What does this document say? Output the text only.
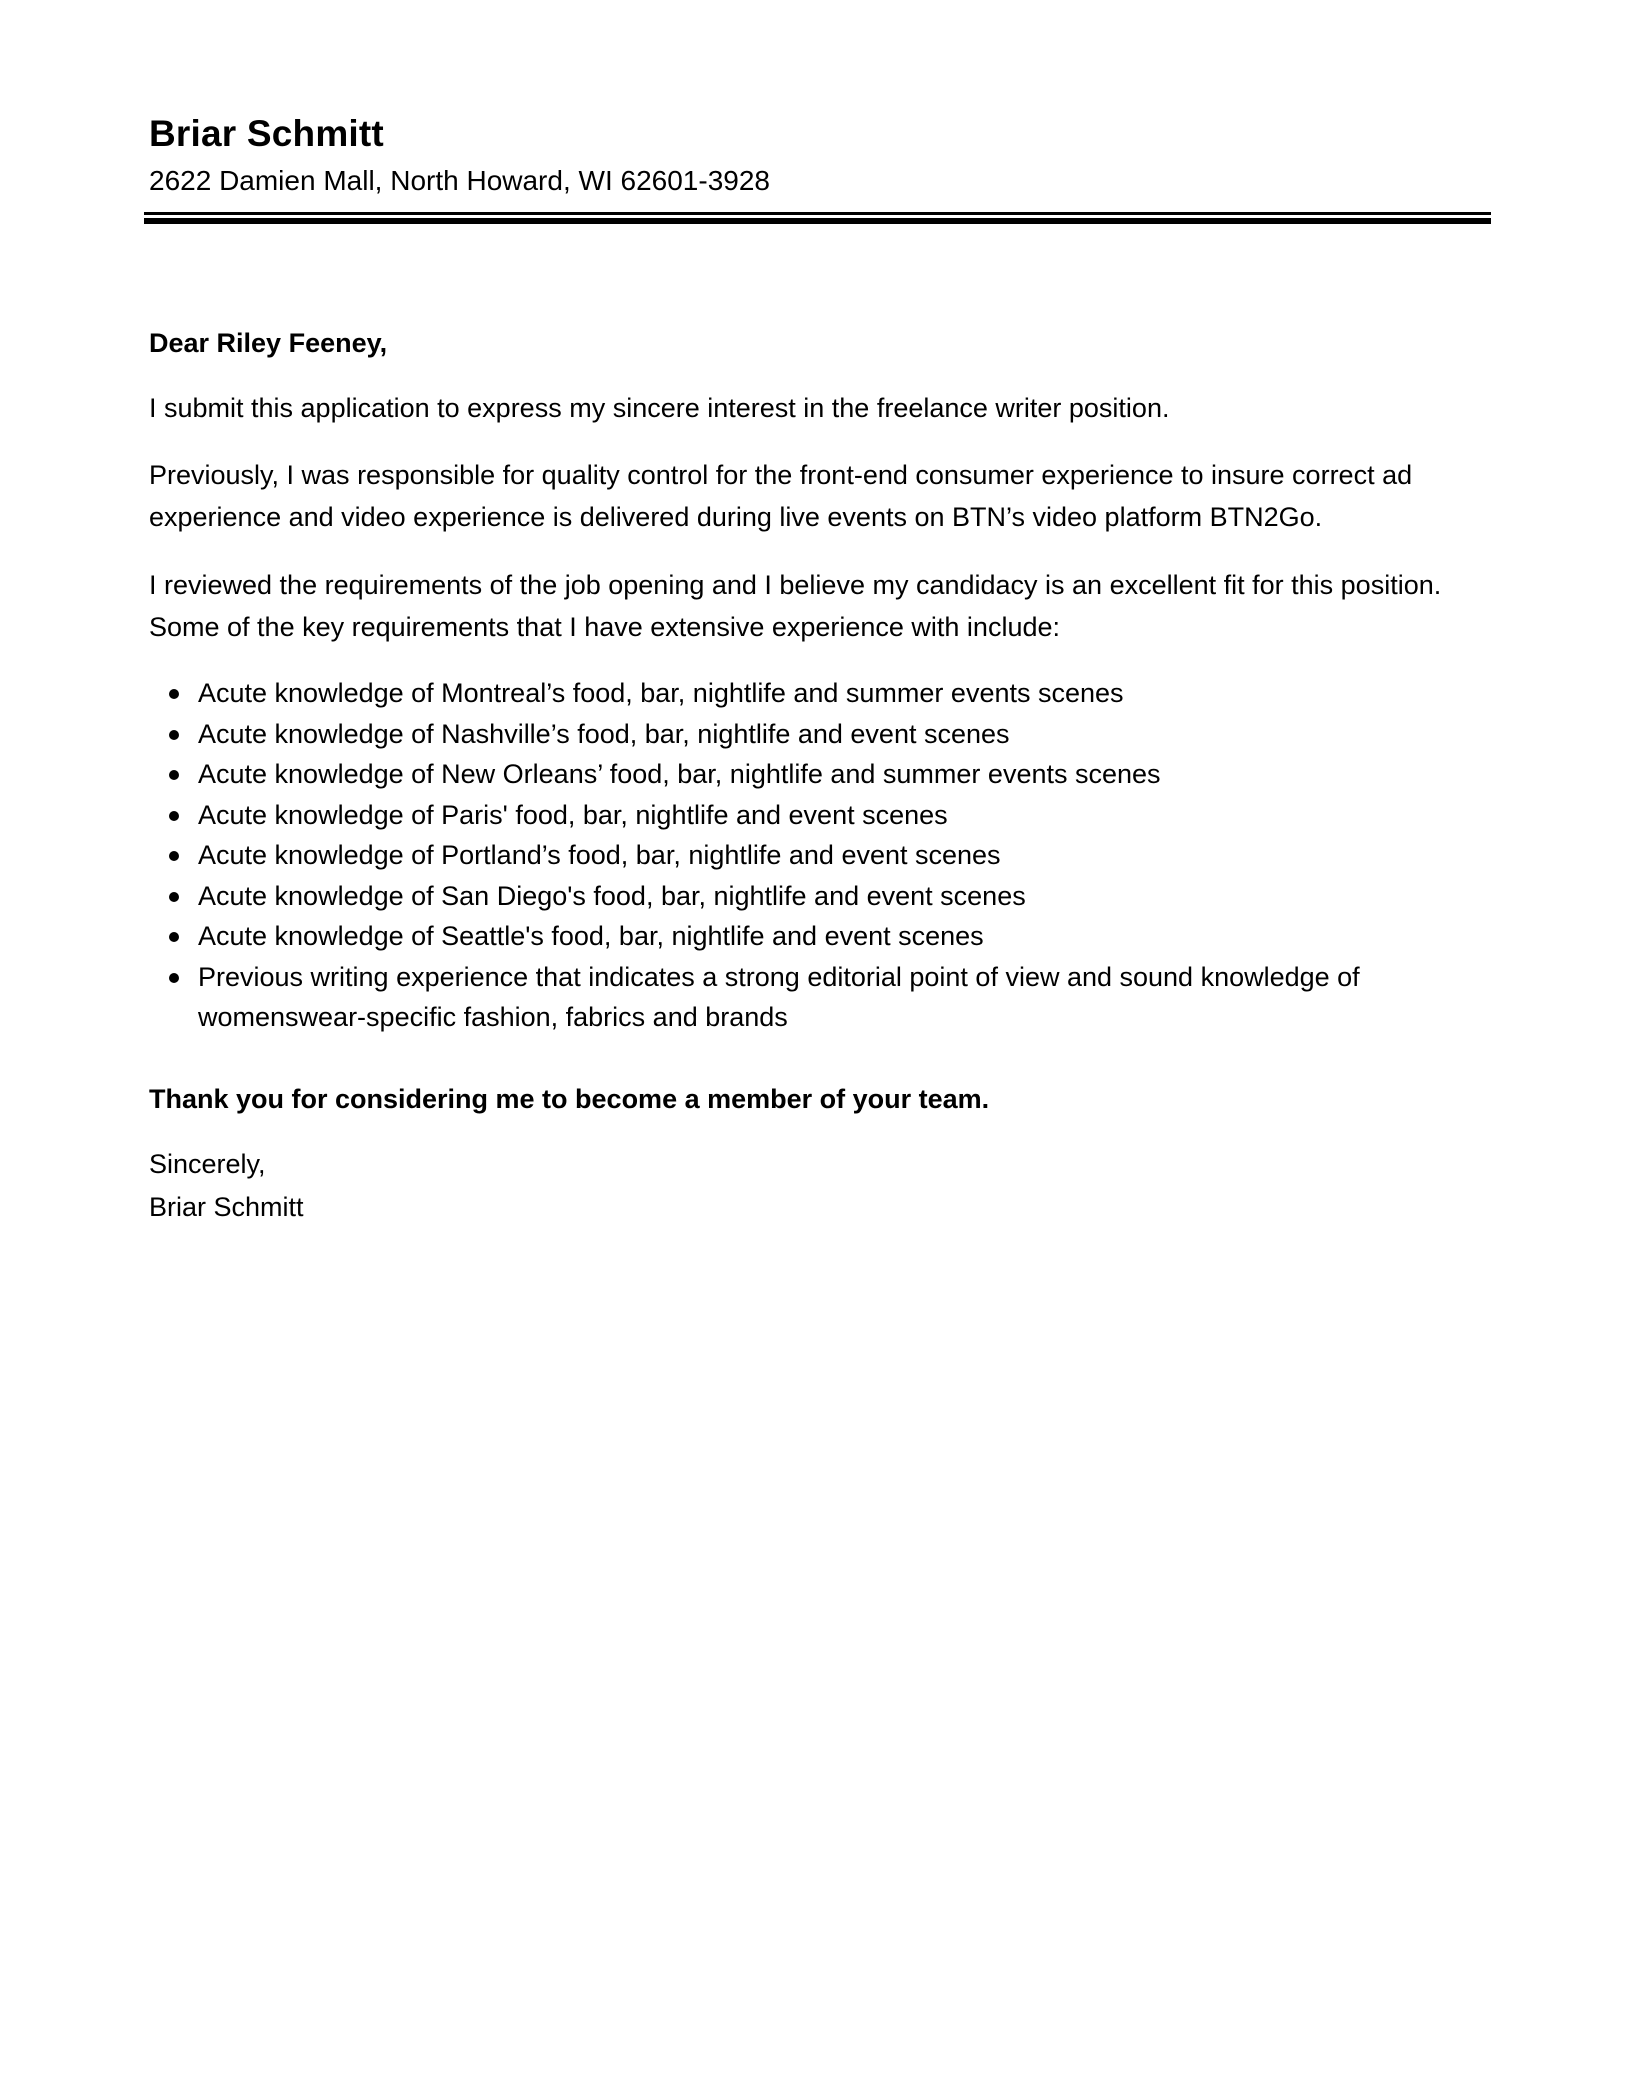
Briar Schmitt
2622 Damien Mall, North Howard, WI 62601-3928
Dear Riley Feeney,
I submit this application to express my sincere interest in the freelance writer position.
Previously, I was responsible for quality control for the front-end consumer experience to insure correct ad experience and video experience is delivered during live events on BTN’s video platform BTN2Go.
I reviewed the requirements of the job opening and I believe my candidacy is an excellent fit for this position. Some of the key requirements that I have extensive experience with include:
Acute knowledge of Montreal’s food, bar, nightlife and summer events scenes
Acute knowledge of Nashville’s food, bar, nightlife and event scenes
Acute knowledge of New Orleans’ food, bar, nightlife and summer events scenes
Acute knowledge of Paris' food, bar, nightlife and event scenes
Acute knowledge of Portland’s food, bar, nightlife and event scenes
Acute knowledge of San Diego's food, bar, nightlife and event scenes
Acute knowledge of Seattle's food, bar, nightlife and event scenes
Previous writing experience that indicates a strong editorial point of view and sound knowledge of womenswear-specific fashion, fabrics and brands
Thank you for considering me to become a member of your team.
Sincerely,
Briar Schmitt
